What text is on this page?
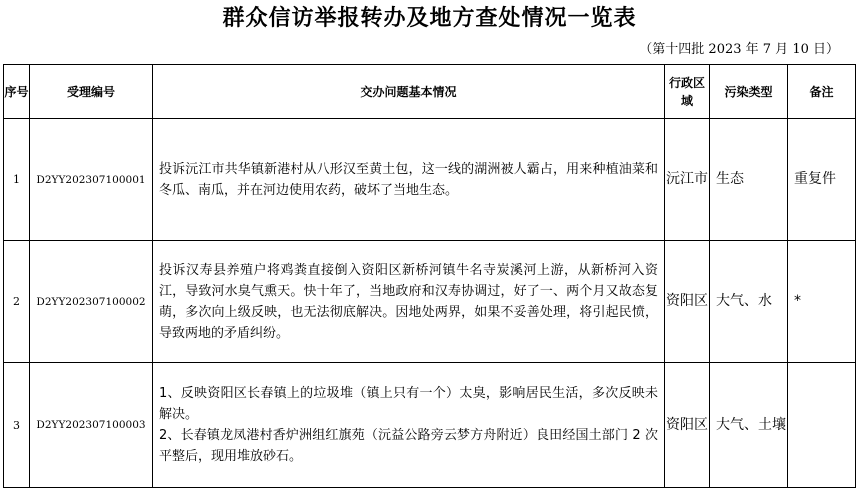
群众信访举报转办及地方查处情况一览表
（第十四批 2023 年 7 月 10 日）
序号	受理编号	交办问题基本情况	行政区域	污染类型	备注
1	D2YY202307100001	投诉沅江市共华镇新港村从八形汉至黄土包，这一线的湖洲被人霸占，用来种植油菜和冬瓜、南瓜，并在河边使用农药，破坏了当地生态。	沅江市	生态	重复件
2	D2YY202307100002	投诉汉寿县养殖户将鸡粪直接倒入资阳区新桥河镇牛名寺炭溪河上游，从新桥河入资江，导致河水臭气熏天。快十年了，当地政府和汉寿协调过，好了一、两个月又故态复萌，多次向上级反映，也无法彻底解决。因地处两界，如果不妥善处理，将引起民愤，导致两地的矛盾纠纷。	资阳区	大气、水	*
3	D2YY202307100003	1、反映资阳区长春镇上的垃圾堆（镇上只有一个）太臭，影响居民生活，多次反映未解决。
2、长春镇龙凤港村香炉洲组红旗苑（沅益公路旁云梦方舟附近）良田经国土部门 2 次平整后，现用堆放砂石。	资阳区	大气、土壤	
